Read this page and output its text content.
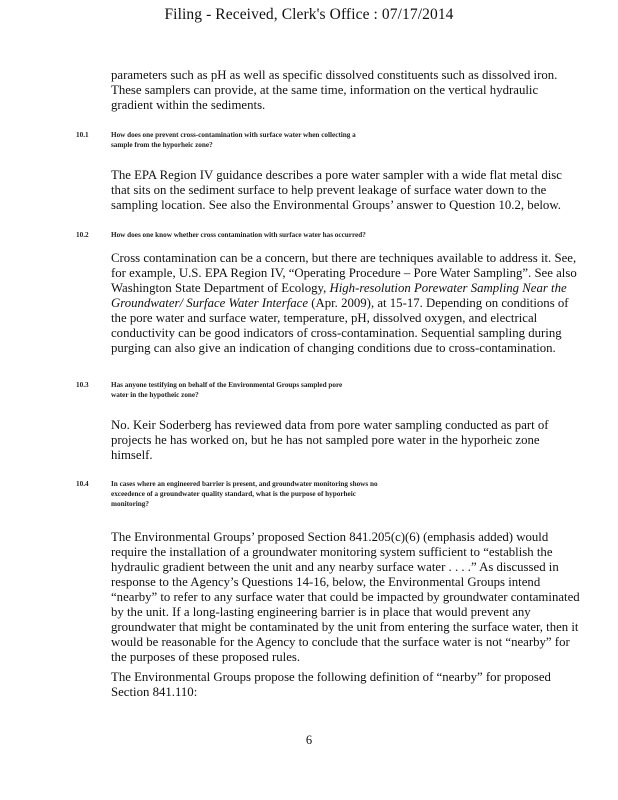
Filing - Received, Clerk's Office : 07/17/2014
parameters such as pH as well as specific dissolved constituents such as dissolved iron. These samplers can provide, at the same time, information on the vertical hydraulic gradient within the sediments.
10.1	How does one prevent cross-contamination with surface water when collecting a sample from the hyporheic zone?
The EPA Region IV guidance describes a pore water sampler with a wide flat metal disc that sits on the sediment surface to help prevent leakage of surface water down to the sampling location. See also the Environmental Groups’ answer to Question 10.2, below.
10.2	How does one know whether cross contamination with surface water has occurred?
Cross contamination can be a concern, but there are techniques available to address it. See, for example, U.S. EPA Region IV, “Operating Procedure – Pore Water Sampling”. See also Washington State Department of Ecology, High-resolution Porewater Sampling Near the Groundwater/ Surface Water Interface (Apr. 2009), at 15-17. Depending on conditions of the pore water and surface water, temperature, pH, dissolved oxygen, and electrical conductivity can be good indicators of cross-contamination. Sequential sampling during purging can also give an indication of changing conditions due to cross-contamination.
10.3	Has anyone testifying on behalf of the Environmental Groups sampled pore water in the hypotheic zone?
No. Keir Soderberg has reviewed data from pore water sampling conducted as part of projects he has worked on, but he has not sampled pore water in the hyporheic zone himself.
10.4	In cases where an engineered barrier is present, and groundwater monitoring shows no exceedence of a groundwater quality standard, what is the purpose of hyporheic monitoring?
The Environmental Groups’ proposed Section 841.205(c)(6) (emphasis added) would require the installation of a groundwater monitoring system sufficient to “establish the hydraulic gradient between the unit and any nearby surface water . . . .” As discussed in response to the Agency’s Questions 14-16, below, the Environmental Groups intend “nearby” to refer to any surface water that could be impacted by groundwater contaminated by the unit. If a long-lasting engineering barrier is in place that would prevent any groundwater that might be contaminated by the unit from entering the surface water, then it would be reasonable for the Agency to conclude that the surface water is not “nearby” for the purposes of these proposed rules.
The Environmental Groups propose the following definition of “nearby” for proposed Section 841.110:
6
